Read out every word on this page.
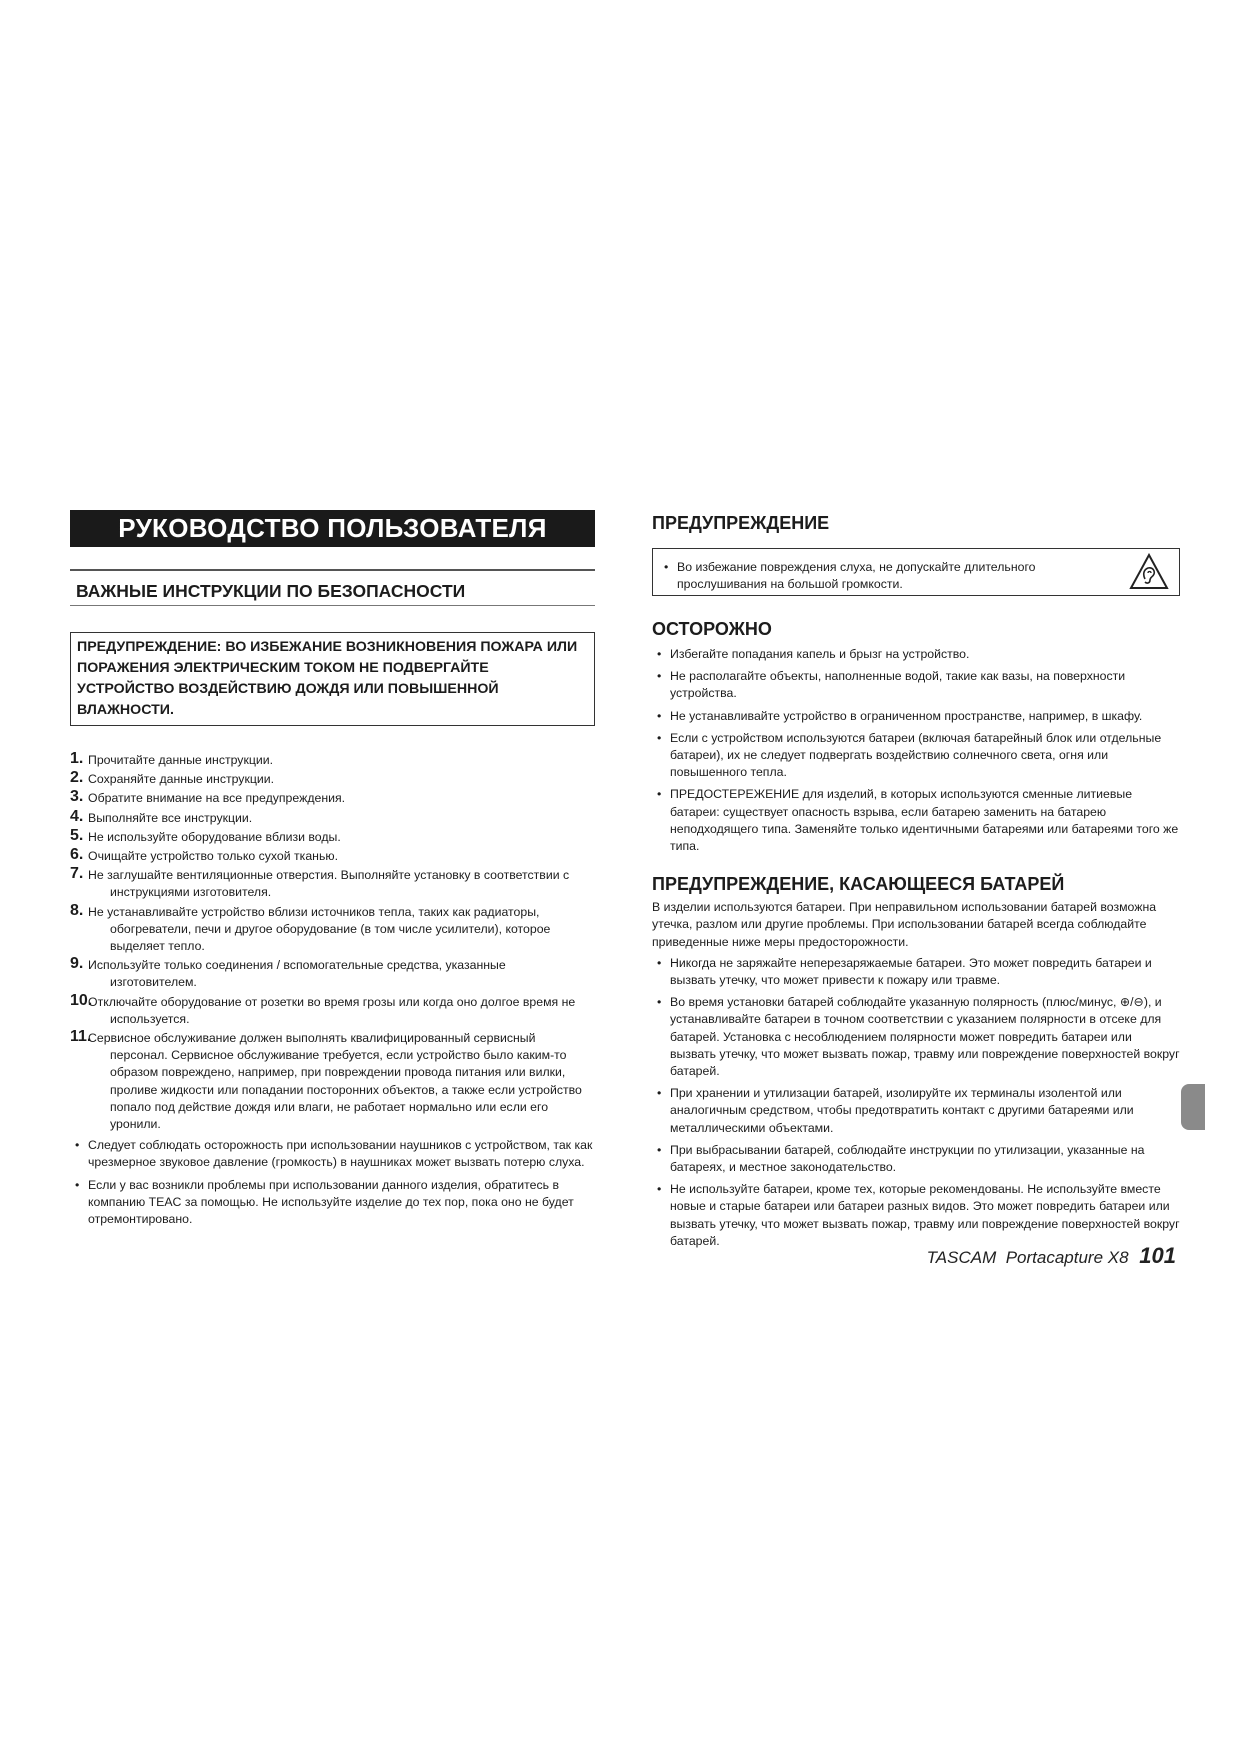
РУКОВОДСТВО ПОЛЬЗОВАТЕЛЯ
ВАЖНЫЕ ИНСТРУКЦИИ ПО БЕЗОПАСНОСТИ
ПРЕДУПРЕЖДЕНИЕ: ВО ИЗБЕЖАНИЕ ВОЗНИКНОВЕНИЯ ПОЖАРА ИЛИ ПОРАЖЕНИЯ ЭЛЕКТРИЧЕСКИМ ТОКОМ НЕ ПОДВЕРГАЙТЕ УСТРОЙСТВО ВОЗДЕЙСТВИЮ ДОЖДЯ ИЛИ ПОВЫШЕННОЙ ВЛАЖНОСТИ.
1. Прочитайте данные инструкции.
2. Сохраняйте данные инструкции.
3. Обратите внимание на все предупреждения.
4. Выполняйте все инструкции.
5. Не используйте оборудование вблизи воды.
6. Очищайте устройство только сухой тканью.
7. Не заглушайте вентиляционные отверстия. Выполняйте установку в соответствии с инструкциями изготовителя.
8. Не устанавливайте устройство вблизи источников тепла, таких как радиаторы, обогреватели, печи и другое оборудование (в том числе усилители), которое выделяет тепло.
9. Используйте только соединения / вспомогательные средства, указанные изготовителем.
10.
Отключайте оборудование от розетки во время грозы или когда оно долгое время не используется.
11.
Сервисное обслуживание должен выполнять квалифицированный сервисный персонал. Сервисное обслуживание требуется, если устройство было каким-то образом повреждено, например, при повреждении провода питания или вилки, проливе жидкости или попадании посторонних объектов, а также если устройство попало под действие дождя или влаги, не работает нормально или если его уронили.
• Следует соблюдать осторожность при использовании наушников с устройством, так как чрезмерное звуковое давление (громкость) в наушниках может вызвать потерю слуха.
• Если у вас возникли проблемы при использовании данного изделия, обратитесь в компанию TEAC за помощью. Не используйте изделие до тех пор, пока оно не будет отремонтировано.
ПРЕДУПРЕЖДЕНИЕ
• Во избежание повреждения слуха, не допускайте длительного прослушивания на большой громкости.
ОСТОРОЖНО
• Избегайте попадания капель и брызг на устройство.
• Не располагайте объекты, наполненные водой, такие как вазы, на поверхности устройства.
• Не устанавливайте устройство в ограниченном пространстве, например, в шкафу.
• Если с устройством используются батареи (включая батарейный блок или отдельные батареи), их не следует подвергать воздействию солнечного света, огня или повышенного тепла.
• ПРЕДОСТЕРЕЖЕНИЕ для изделий, в которых используются сменные литиевые батареи: существует опасность взрыва, если батарею заменить на батарею неподходящего типа. Заменяйте только идентичными батареями или батареями того же типа.
ПРЕДУПРЕЖДЕНИЕ, КАСАЮЩЕЕСЯ БАТАРЕЙ
В изделии используются батареи. При неправильном использовании батарей возможна утечка, разлом или другие проблемы. При использовании батарей всегда соблюдайте приведенные ниже меры предосторожности.
• Никогда не заряжайте неперезаряжаемые батареи. Это может повредить батареи и вызвать утечку, что может привести к пожару или травме.
• Во время установки батарей соблюдайте указанную полярность (плюс/минус, ⊕/⊖), и устанавливайте батареи в точном соответствии с указанием полярности в отсеке для батарей. Установка с несоблюдением полярности может повредить батареи или вызвать утечку, что может вызвать пожар, травму или повреждение поверхностей вокруг батарей.
• При хранении и утилизации батарей, изолируйте их терминалы изолентой или аналогичным средством, чтобы предотвратить контакт с другими батареями или металлическими объектами.
• При выбрасывании батарей, соблюдайте инструкции по утилизации, указанные на батареях, и местное законодательство.
• Не используйте батареи, кроме тех, которые рекомендованы. Не используйте вместе новые и старые батареи или батареи разных видов. Это может повредить батареи или вызвать утечку, что может вызвать пожар, травму или повреждение поверхностей вокруг батарей.
TASCAM Portacapture X8 101
